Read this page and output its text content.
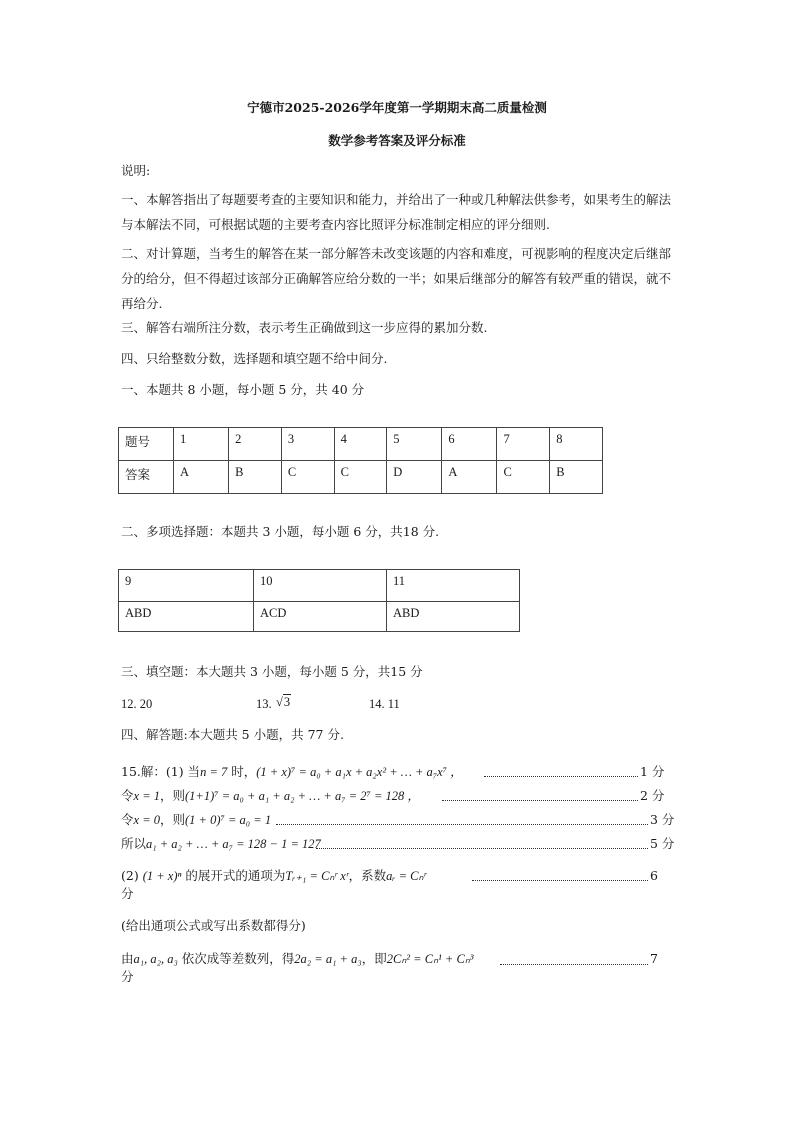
宁德市2025-2026学年度第一学期期末高二质量检测
数学参考答案及评分标准
说明:
一、本解答指出了每题要考查的主要知识和能力，并给出了一种或几种解法供参考，如果考生的解法与本解法不同，可根据试题的主要考查内容比照评分标准制定相应的评分细则.
二、对计算题，当考生的解答在某一部分解答未改变该题的内容和难度，可视影响的程度决定后继部分的给分，但不得超过该部分正确解答应给分数的一半；如果后继部分的解答有较严重的错误，就不再给分.
三、解答右端所注分数，表示考生正确做到这一步应得的累加分数.
四、只给整数分数，选择题和填空题不给中间分.
一、本题共 8 小题，每小题 5 分，共 40 分
题号	1	2	3	4	5	6	7	8
答案	A	B	C	C	D	A	C	B
二、多项选择题：本题共 3 小题，每小题 6 分，共18 分.
9	10	11
ABD	ACD	ABD
三、填空题：本大题共 3 小题，每小题 5 分，共15 分
12. 20	13. √3	14. 11
四、解答题:本大题共 5 小题，共 77 分.
15.解：(1) 当n = 7 时，(1 + x)⁷ = a₀ + a₁x + a₂x² + … + a₇x⁷ ，	1 分
令x = 1，则(1+1)⁷ = a₀ + a₁ + a₂ + … + a₇ = 2⁷ = 128 ，	2 分
令x = 0，则(1 + 0)⁷ = a₀ = 1	3 分
所以a₁ + a₂ + … + a₇ = 128 − 1 = 127	5 分
(2) (1 + x)ⁿ 的展开式的通项为Tᵣ₊₁ = Cₙʳ xʳ，系数aᵣ = Cₙʳ	6
分
(给出通项公式或写出系数都得分)
由a₁, a₂, a₃ 依次成等差数列，得2a₂ = a₁ + a₃，即2Cₙ² = Cₙ¹ + Cₙ³	7
分
